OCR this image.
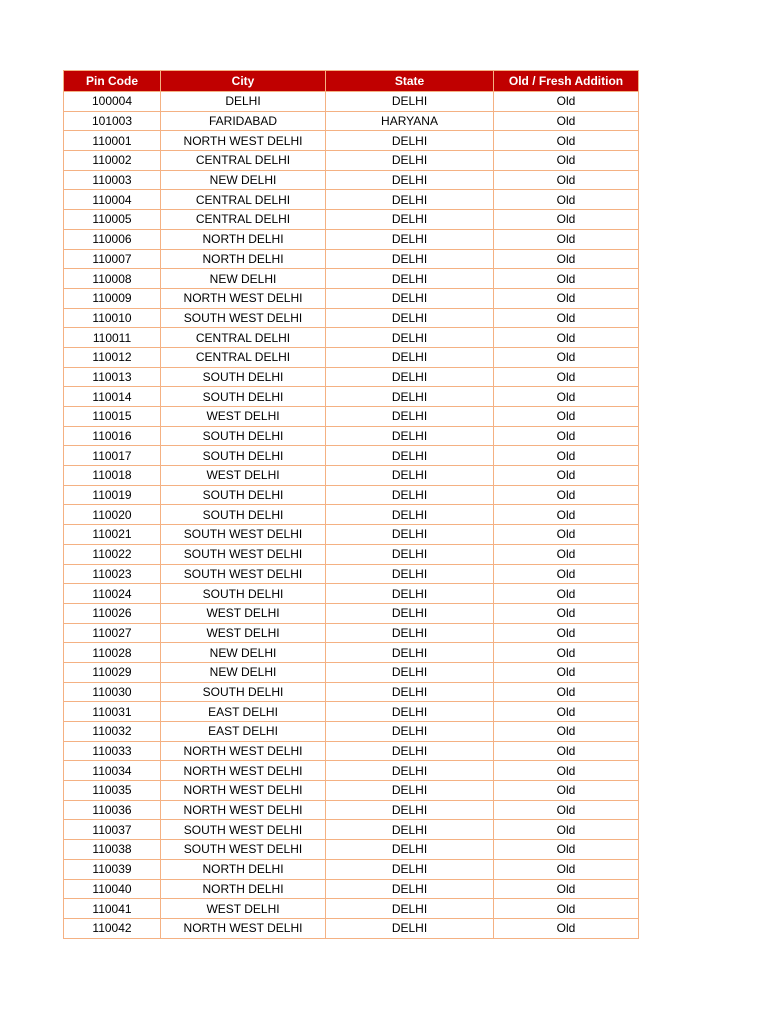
Pin Code	City	State	Old / Fresh Addition
100004	DELHI	DELHI	Old
101003	FARIDABAD	HARYANA	Old
110001	NORTH WEST DELHI	DELHI	Old
110002	CENTRAL DELHI	DELHI	Old
110003	NEW DELHI	DELHI	Old
110004	CENTRAL DELHI	DELHI	Old
110005	CENTRAL DELHI	DELHI	Old
110006	NORTH DELHI	DELHI	Old
110007	NORTH DELHI	DELHI	Old
110008	NEW DELHI	DELHI	Old
110009	NORTH WEST DELHI	DELHI	Old
110010	SOUTH WEST DELHI	DELHI	Old
110011	CENTRAL DELHI	DELHI	Old
110012	CENTRAL DELHI	DELHI	Old
110013	SOUTH DELHI	DELHI	Old
110014	SOUTH DELHI	DELHI	Old
110015	WEST DELHI	DELHI	Old
110016	SOUTH DELHI	DELHI	Old
110017	SOUTH DELHI	DELHI	Old
110018	WEST DELHI	DELHI	Old
110019	SOUTH DELHI	DELHI	Old
110020	SOUTH DELHI	DELHI	Old
110021	SOUTH WEST DELHI	DELHI	Old
110022	SOUTH WEST DELHI	DELHI	Old
110023	SOUTH WEST DELHI	DELHI	Old
110024	SOUTH DELHI	DELHI	Old
110026	WEST DELHI	DELHI	Old
110027	WEST DELHI	DELHI	Old
110028	NEW DELHI	DELHI	Old
110029	NEW DELHI	DELHI	Old
110030	SOUTH DELHI	DELHI	Old
110031	EAST DELHI	DELHI	Old
110032	EAST DELHI	DELHI	Old
110033	NORTH WEST DELHI	DELHI	Old
110034	NORTH WEST DELHI	DELHI	Old
110035	NORTH WEST DELHI	DELHI	Old
110036	NORTH WEST DELHI	DELHI	Old
110037	SOUTH WEST DELHI	DELHI	Old
110038	SOUTH WEST DELHI	DELHI	Old
110039	NORTH DELHI	DELHI	Old
110040	NORTH DELHI	DELHI	Old
110041	WEST DELHI	DELHI	Old
110042	NORTH WEST DELHI	DELHI	Old
